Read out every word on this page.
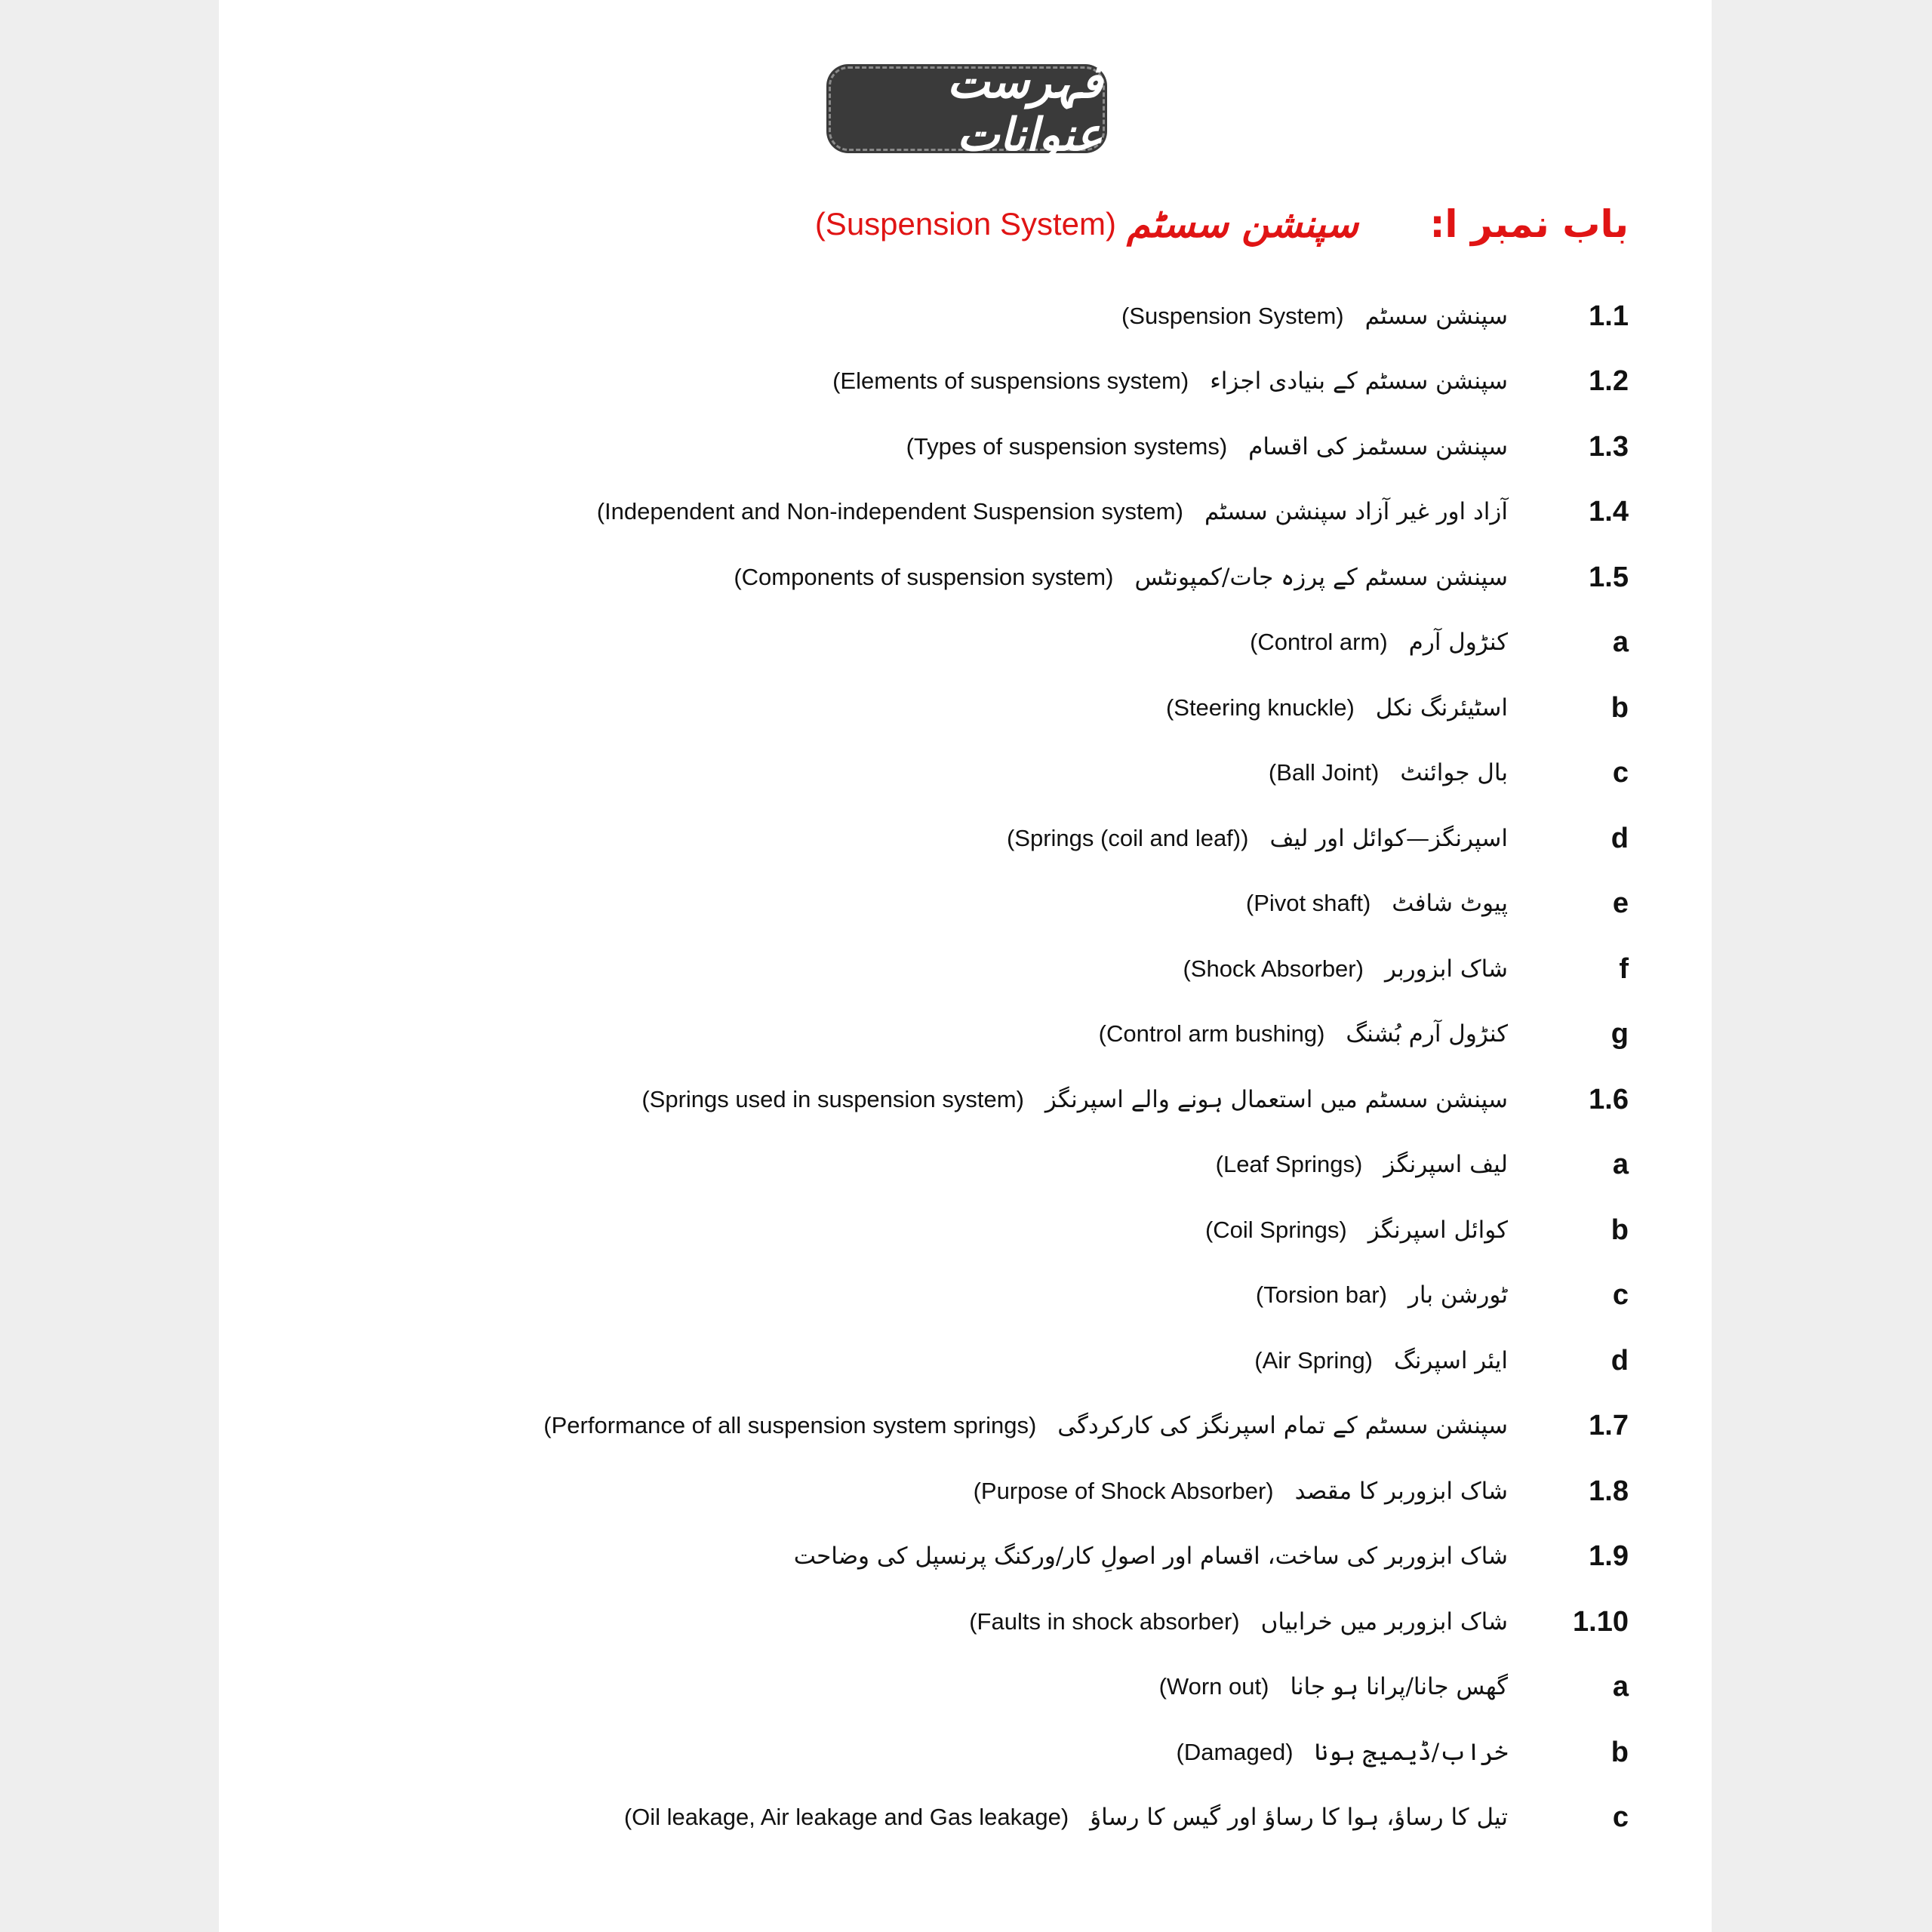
فہرست عنوانات
باب نمبر ا:
(Suspension System) سپنشن سسٹم
1.1
(Suspension System) سپنشن سسٹم
1.2
(Elements of suspensions system) سپنشن سسٹم کے بنیادی اجزاء
1.3
(Types of suspension systems) سپنشن سسٹمز کی اقسام
1.4
(Independent and Non-independent Suspension system) آزاد اور غیر آزاد سپنشن سسٹم
1.5
(Components of suspension system) سپنشن سسٹم کے پرزہ جات/کمپونٹس
a
(Control arm) کنڑول آرم
b
(Steering knuckle) اسٹیئرنگ نکل
c
(Ball Joint) بال جوائنٹ
d
(Springs (coil and leaf)) اسپرنگز—کوائل اور لیف
e
(Pivot shaft) پیوٹ شافٹ
f
(Shock Absorber) شاک ابزوربر
g
(Control arm bushing) کنڑول آرم بُشنگ
1.6
(Springs used in suspension system) سپنشن سسٹم میں استعمال ہونے والے اسپرنگز
a
(Leaf Springs) لیف اسپرنگز
b
(Coil Springs) کوائل اسپرنگز
c
(Torsion bar) ٹورشن بار
d
(Air Spring) ایئر اسپرنگ
1.7
(Performance of all suspension system springs) سپنشن سسٹم کے تمام اسپرنگز کی کارکردگی
1.8
(Purpose of Shock Absorber) شاک ابزوربر کا مقصد
1.9
شاک ابزوربر کی ساخت، اقسام اور اصولِ کار/ورکنگ پرنسپل کی وضاحت
1.10
(Faults in shock absorber) شاک ابزوربر میں خرابیاں
a
(Worn out) گھس جانا/پرانا ہو جانا
b
(Damaged) خراب/ڈیمیج ہونا
c
(Oil leakage, Air leakage and Gas leakage) تیل کا رساؤ، ہوا کا رساؤ اور گیس کا رساؤ
